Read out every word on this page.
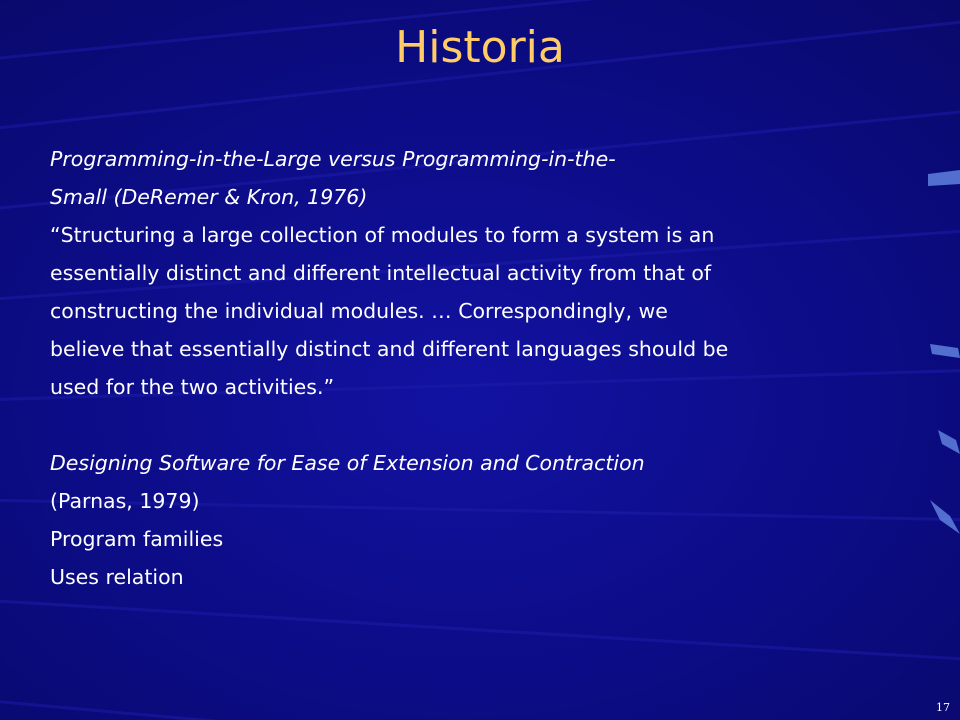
Historia
Programming-in-the-Large versus Programming-in-the-
Small (DeRemer & Kron, 1976)
“Structuring a large collection of modules to form a system is an
essentially distinct and different intellectual activity from that of
constructing the individual modules. … Correspondingly, we
believe that essentially distinct and different languages should be
used for the two activities.”
Designing Software for Ease of Extension and Contraction
(Parnas, 1979)
Program families
Uses relation
17
